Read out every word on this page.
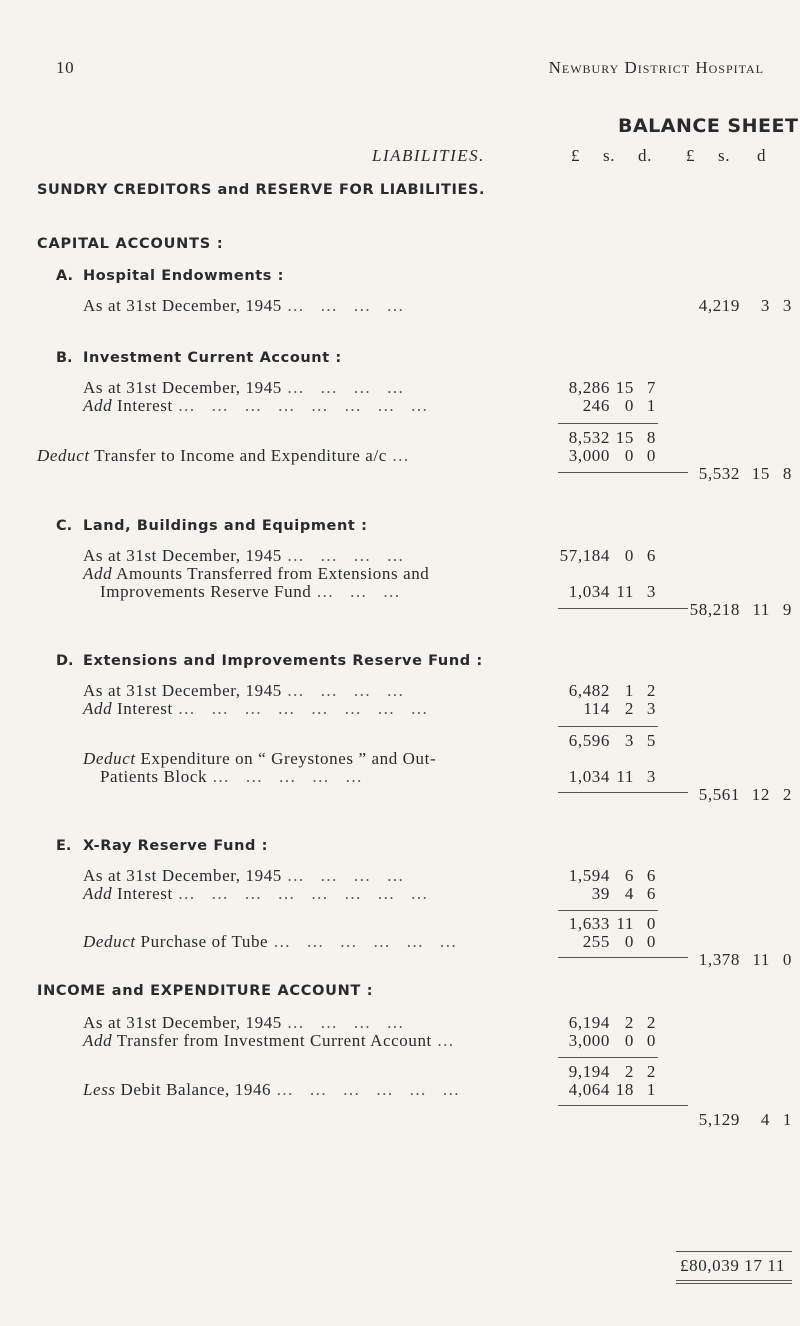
10	Newbury District Hospital
BALANCE SHEET
LIABILITIES.	£ s. d. £ s. d
SUNDRY CREDITORS and RESERVE FOR LIABILITIES.
CAPITAL ACCOUNTS :
A. Hospital Endowments :
As at 31st December, 1945 … … … …	4,219 3 3
B. Investment Current Account :
As at 31st December, 1945 … … … …	8,286 15 7
Add Interest … … … … … … … …	246 0 1
8,532 15 8
Deduct Transfer to Income and Expenditure a/c …	3,000 0 0
5,532 15 8
C. Land, Buildings and Equipment :
As at 31st December, 1945 … … … …	57,184 0 6
Add Amounts Transferred from Extensions and
Improvements Reserve Fund … … …	1,034 11 3
58,218 11 9
D. Extensions and Improvements Reserve Fund :
As at 31st December, 1945 … … … …	6,482 1 2
Add Interest … … … … … … … …	114 2 3
6,596 3 5
Deduct Expenditure on “ Greystones ” and Out-
Patients Block … … … … …	1,034 11 3
5,561 12 2
E. X-Ray Reserve Fund :
As at 31st December, 1945 … … … …	1,594 6 6
Add Interest … … … … … … … …	39 4 6
1,633 11 0
Deduct Purchase of Tube … … … … … …	255 0 0
1,378 11 0
INCOME and EXPENDITURE ACCOUNT :
As at 31st December, 1945 … … … …	6,194 2 2
Add Transfer from Investment Current Account …	3,000 0 0
9,194 2 2
Less Debit Balance, 1946 … … … … … …	4,064 18 1
5,129 4 1
£80,039 17 11
